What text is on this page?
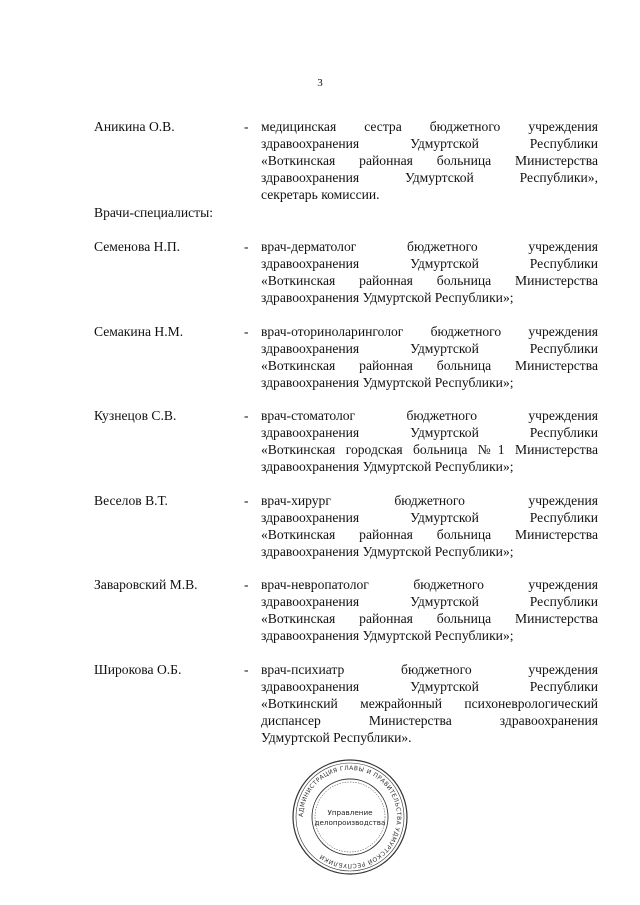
3
Аникина О.В.	- медицинская сестра бюджетного учреждения
здравоохранения Удмуртской Республики
«Воткинская районная больница Министерства
здравоохранения Удмуртской Республики»,
секретарь комиссии.
Врачи-специалисты:
Семенова Н.П.	- врач-дерматолог бюджетного учреждения
здравоохранения Удмуртской Республики
«Воткинская районная больница Министерства
здравоохранения Удмуртской Республики»;
Семакина Н.М.	- врач-оториноларинголог бюджетного учреждения
здравоохранения Удмуртской Республики
«Воткинская районная больница Министерства
здравоохранения Удмуртской Республики»;
Кузнецов С.В.	- врач-стоматолог бюджетного учреждения
здравоохранения Удмуртской Республики
«Воткинская городская больница №1 Министерства
здравоохранения Удмуртской Республики»;
Веселов В.Т.	- врач-хирург бюджетного учреждения
здравоохранения Удмуртской Республики
«Воткинская районная больница Министерства
здравоохранения Удмуртской Республики»;
Заваровский М.В.	- врач-невропатолог бюджетного учреждения
здравоохранения Удмуртской Республики
«Воткинская районная больница Министерства
здравоохранения Удмуртской Республики»;
Широкова О.Б.	- врач-психиатр бюджетного учреждения
здравоохранения Удмуртской Республики
«Воткинский межрайонный психоневрологический
диспансер Министерства здравоохранения
Удмуртской Республики».
АДМИНИСТРАЦИЯ ГЛАВЫ И ПРАВИТЕЛЬСТВА УДМУРТСКОЙ РЕСПУБЛИКИ
Управление
делопроизводства
